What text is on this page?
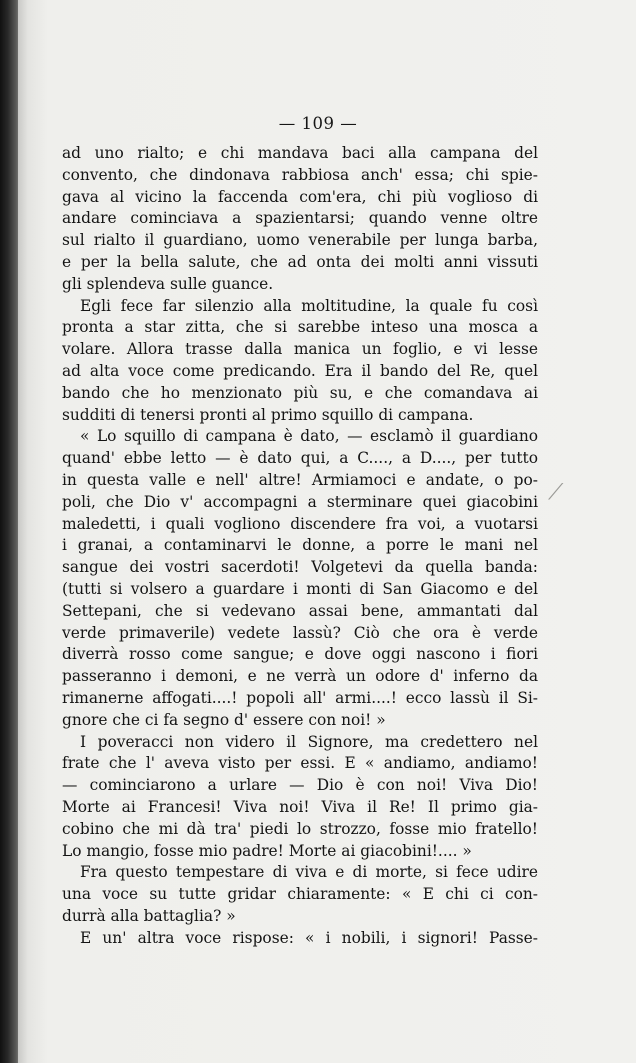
— 109 —
ad uno rialto; e chi mandava baci alla campana del
convento, che dindonava rabbiosa anch' essa; chi spie-
gava al vicino la faccenda com'era, chi più voglioso di
andare cominciava a spazientarsi; quando venne oltre
sul rialto il guardiano, uomo venerabile per lunga barba,
e per la bella salute, che ad onta dei molti anni vissuti
gli splendeva sulle guance.
Egli fece far silenzio alla moltitudine, la quale fu così
pronta a star zitta, che si sarebbe inteso una mosca a
volare. Allora trasse dalla manica un foglio, e vi lesse
ad alta voce come predicando. Era il bando del Re, quel
bando che ho menzionato più su, e che comandava ai
sudditi di tenersi pronti al primo squillo di campana.
« Lo squillo di campana è dato, — esclamò il guardiano
quand' ebbe letto — è dato qui, a C...., a D...., per tutto
in questa valle e nell' altre! Armiamoci e andate, o po-
poli, che Dio v' accompagni a sterminare quei giacobini
maledetti, i quali vogliono discendere fra voi, a vuotarsi
i granai, a contaminarvi le donne, a porre le mani nel
sangue dei vostri sacerdoti! Volgetevi da quella banda:
(tutti si volsero a guardare i monti di San Giacomo e del
Settepani, che si vedevano assai bene, ammantati dal
verde primaverile) vedete lassù? Ciò che ora è verde
diverrà rosso come sangue; e dove oggi nascono i fiori
passeranno i demoni, e ne verrà un odore d' inferno da
rimanerne affogati....! popoli all' armi....! ecco lassù il Si-
gnore che ci fa segno d' essere con noi! »
I poveracci non videro il Signore, ma credettero nel
frate che l' aveva visto per essi. E « andiamo, andiamo!
— cominciarono a urlare — Dio è con noi! Viva Dio!
Morte ai Francesi! Viva noi! Viva il Re! Il primo gia-
cobino che mi dà tra' piedi lo strozzo, fosse mio fratello!
Lo mangio, fosse mio padre! Morte ai giacobini!.... »
Fra questo tempestare di viva e di morte, si fece udire
una voce su tutte gridar chiaramente: « E chi ci con-
durrà alla battaglia? »
E un' altra voce rispose: « i nobili, i signori! Passe-
⟋
